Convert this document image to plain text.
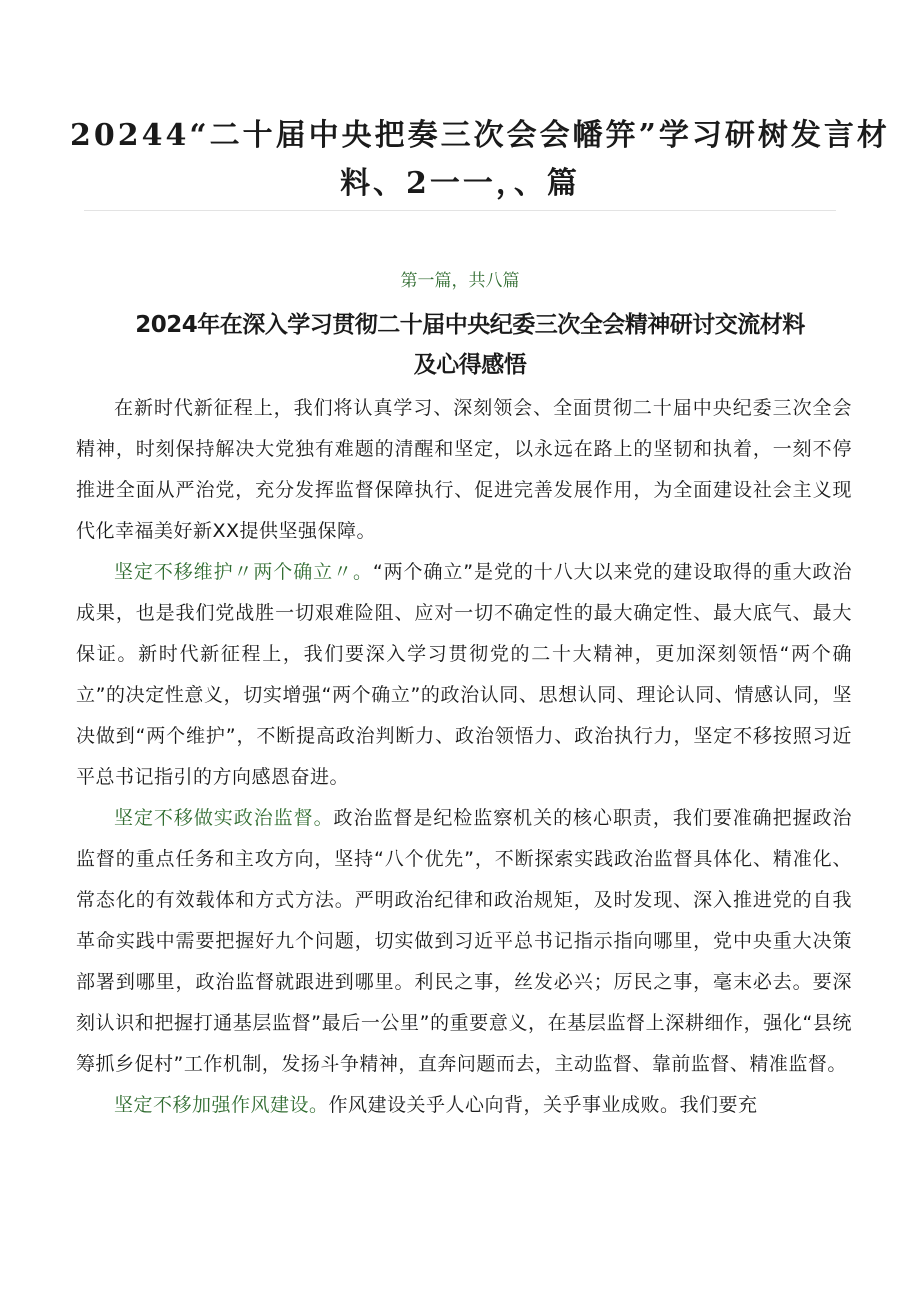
20244“二十届中央把奏三次会会幡笄”学习研树发言材
料、2一一，、篇
第一篇，共八篇
2024年在深入学习贯彻二十届中央纪委三次全会精神研讨交流材料
及心得感悟

在新时代新征程上，我们将认真学习、深刻领会、全面贯彻二十届中央纪委三次全会精神，时刻保持解决大党独有难题的清醒和坚定，以永远在路上的坚韧和执着，一刻不停推进全面从严治党，充分发挥监督保障执行、促进完善发展作用，为全面建设社会主义现代化幸福美好新XX提供坚强保障。

坚定不移维护〃两个确立〃。“两个确立”是党的十八大以来党的建设取得的重大政治成果，也是我们党战胜一切艰难险阻、应对一切不确定性的最大确定性、最大底气、最大保证。新时代新征程上，我们要深入学习贯彻党的二十大精神，更加深刻领悟“两个确立”的决定性意义，切实增强“两个确立”的政治认同、思想认同、理论认同、情感认同，坚决做到“两个维护”，不断提高政治判断力、政治领悟力、政治执行力，坚定不移按照习近平总书记指引的方向感恩奋进。

坚定不移做实政治监督。政治监督是纪检监察机关的核心职责，我们要准确把握政治监督的重点任务和主攻方向，坚持“八个优先”，不断探索实践政治监督具体化、精准化、常态化的有效载体和方式方法。严明政治纪律和政治规矩，及时发现、深入推进党的自我革命实践中需要把握好九个问题，切实做到习近平总书记指示指向哪里，党中央重大决策部署到哪里，政治监督就跟进到哪里。利民之事，丝发必兴；厉民之事，毫末必去。要深刻认识和把握打通基层监督”最后一公里”的重要意义，在基层监督上深耕细作，强化“县统筹抓乡促村”工作机制，发扬斗争精神，直奔问题而去，主动监督、靠前监督、精准监督。

坚定不移加强作风建设。作风建设关乎人心向背，关乎事业成败。我们要充
